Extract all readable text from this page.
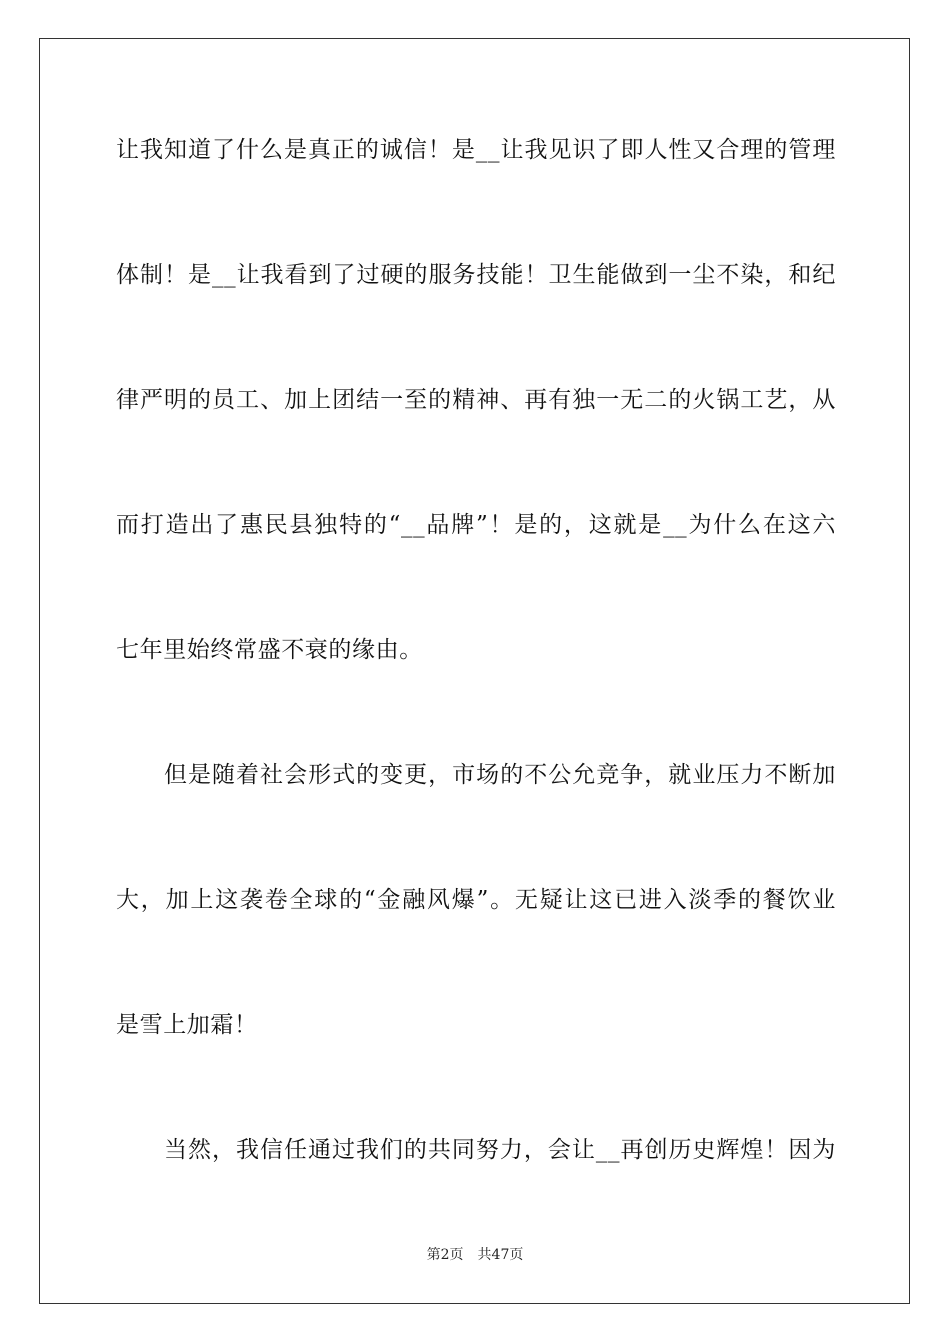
让我知道了什么是真正的诚信！是__让我见识了即人性又合理的管理
体制！是__让我看到了过硬的服务技能！卫生能做到一尘不染，和纪
律严明的员工、加上团结一至的精神、再有独一无二的火锅工艺，从
而打造出了惠民县独特的“__品牌”！是的，这就是__为什么在这六
七年里始终常盛不衰的缘由。
但是随着社会形式的变更，市场的不公允竞争，就业压力不断加
大，加上这袭卷全球的“金融风爆”。无疑让这已进入淡季的餐饮业
是雪上加霜！
当然，我信任通过我们的共同努力，会让__再创历史辉煌！因为
第2页 共47页
